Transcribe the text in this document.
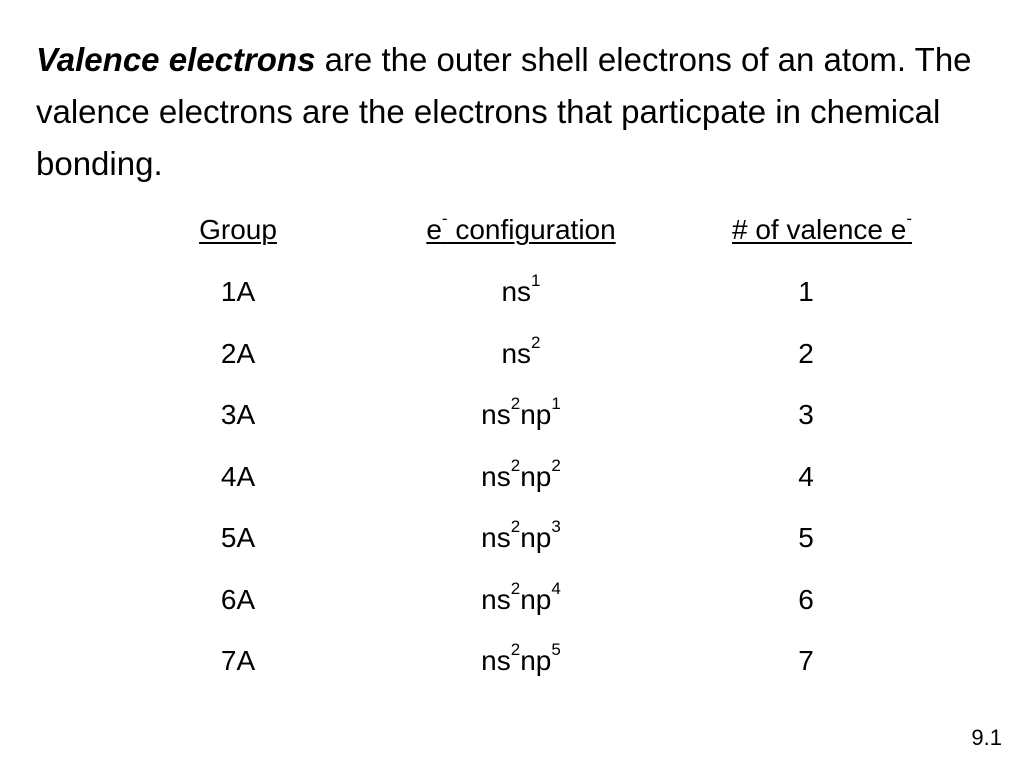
Valence electrons are the outer shell electrons of an atom. The valence electrons are the electrons that particpate in chemical bonding.

Group	e- configuration	# of valence e-
1A	$ns^1$	1
2A	$ns^2$	2
3A	$ns^2np^1$	3
4A	$ns^2np^2$	4
5A	$ns^2np^3$	5
6A	$ns^2np^4$	6
7A	$ns^2np^5$	7
9.1
